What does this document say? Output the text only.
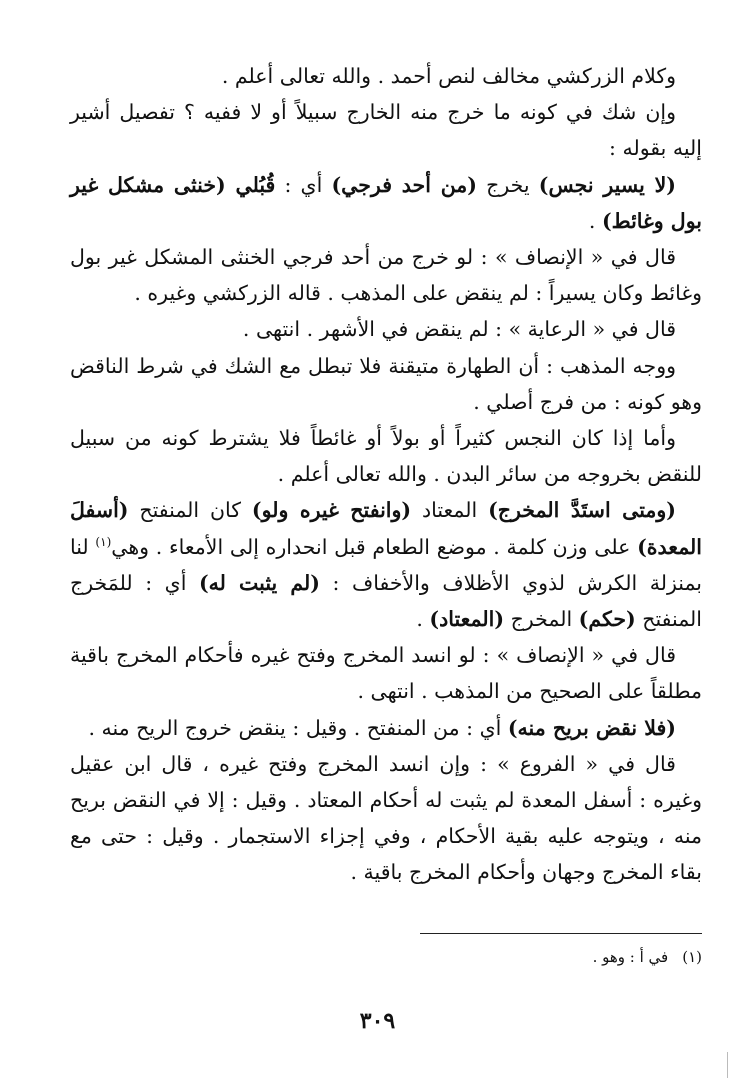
وكلام الزركشي مخالف لنص أحمد . والله تعالى أعلم .

وإن شك في كونه ما خرج منه الخارج سبيلاً أو لا ففيه ؟ تفصيل أشير إليه بقوله :

(لا يسير نجس) يخرج (من أحد فرجي) أي : قُبُلي (خنثى مشكل غير بول وغائط) .

قال في « الإنصاف » : لو خرج من أحد فرجي الخنثى المشكل غير بول وغائط وكان يسيراً : لم ينقض على المذهب . قاله الزركشي وغيره .

قال في « الرعاية » : لم ينقض في الأشهر . انتهى .

ووجه المذهب : أن الطهارة متيقنة فلا تبطل مع الشك في شرط الناقض وهو كونه : من فرج أصلي .

وأما إذا كان النجس كثيراً أو بولاً أو غائطاً فلا يشترط كونه من سبيل للنقض بخروجه من سائر البدن . والله تعالى أعلم .

(ومتى استَدَّ المخرج) المعتاد (وانفتح غيره ولو) كان المنفتح (أسفلَ المعدة) على وزن كلمة . موضع الطعام قبل انحداره إلى الأمعاء . وهي$^{(١)}$ لنا بمنزلة الكرش لذوي الأظلاف والأخفاف : (لم يثبت له) أي : للمَخرج المنفتح (حكم) المخرج (المعتاد) .

قال في « الإنصاف » : لو انسد المخرج وفتح غيره فأحكام المخرج باقية مطلقاً على الصحيح من المذهب . انتهى .

(فلا نقض بريح منه) أي : من المنفتح . وقيل : ينقض خروج الريح منه .

قال في « الفروع » : وإن انسد المخرج وفتح غيره ، قال ابن عقيل وغيره : أسفل المعدة لم يثبت له أحكام المعتاد . وقيل : إلا في النقض بريح منه ، ويتوجه عليه بقية الأحكام ، وفي إجزاء الاستجمار . وقيل : حتى مع بقاء المخرج وجهان وأحكام المخرج باقية .

(١)في أ : وهو .
٣٠٩
